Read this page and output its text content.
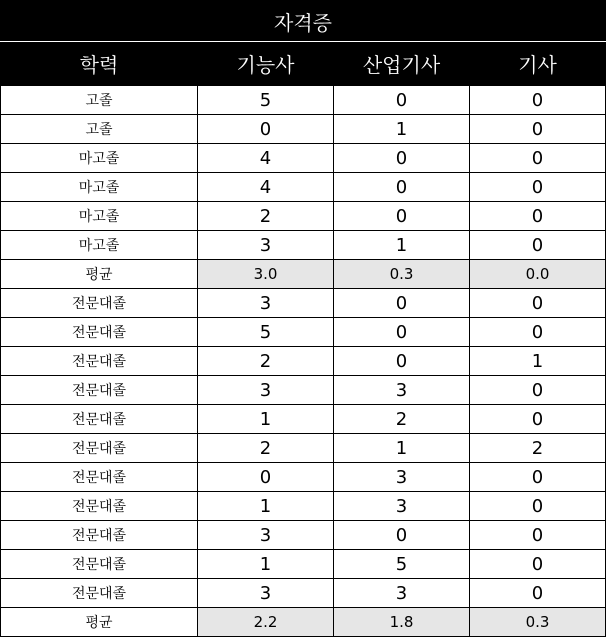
자격증			
학력	기능사	산업기사	기사
고졸	5	0	0
고졸	0	1	0
마고졸	4	0	0
마고졸	4	0	0
마고졸	2	0	0
마고졸	3	1	0
평균	3.0	0.3	0.0
전문대졸	3	0	0
전문대졸	5	0	0
전문대졸	2	0	1
전문대졸	3	3	0
전문대졸	1	2	0
전문대졸	2	1	2
전문대졸	0	3	0
전문대졸	1	3	0
전문대졸	3	0	0
전문대졸	1	5	0
전문대졸	3	3	0
평균	2.2	1.8	0.3
